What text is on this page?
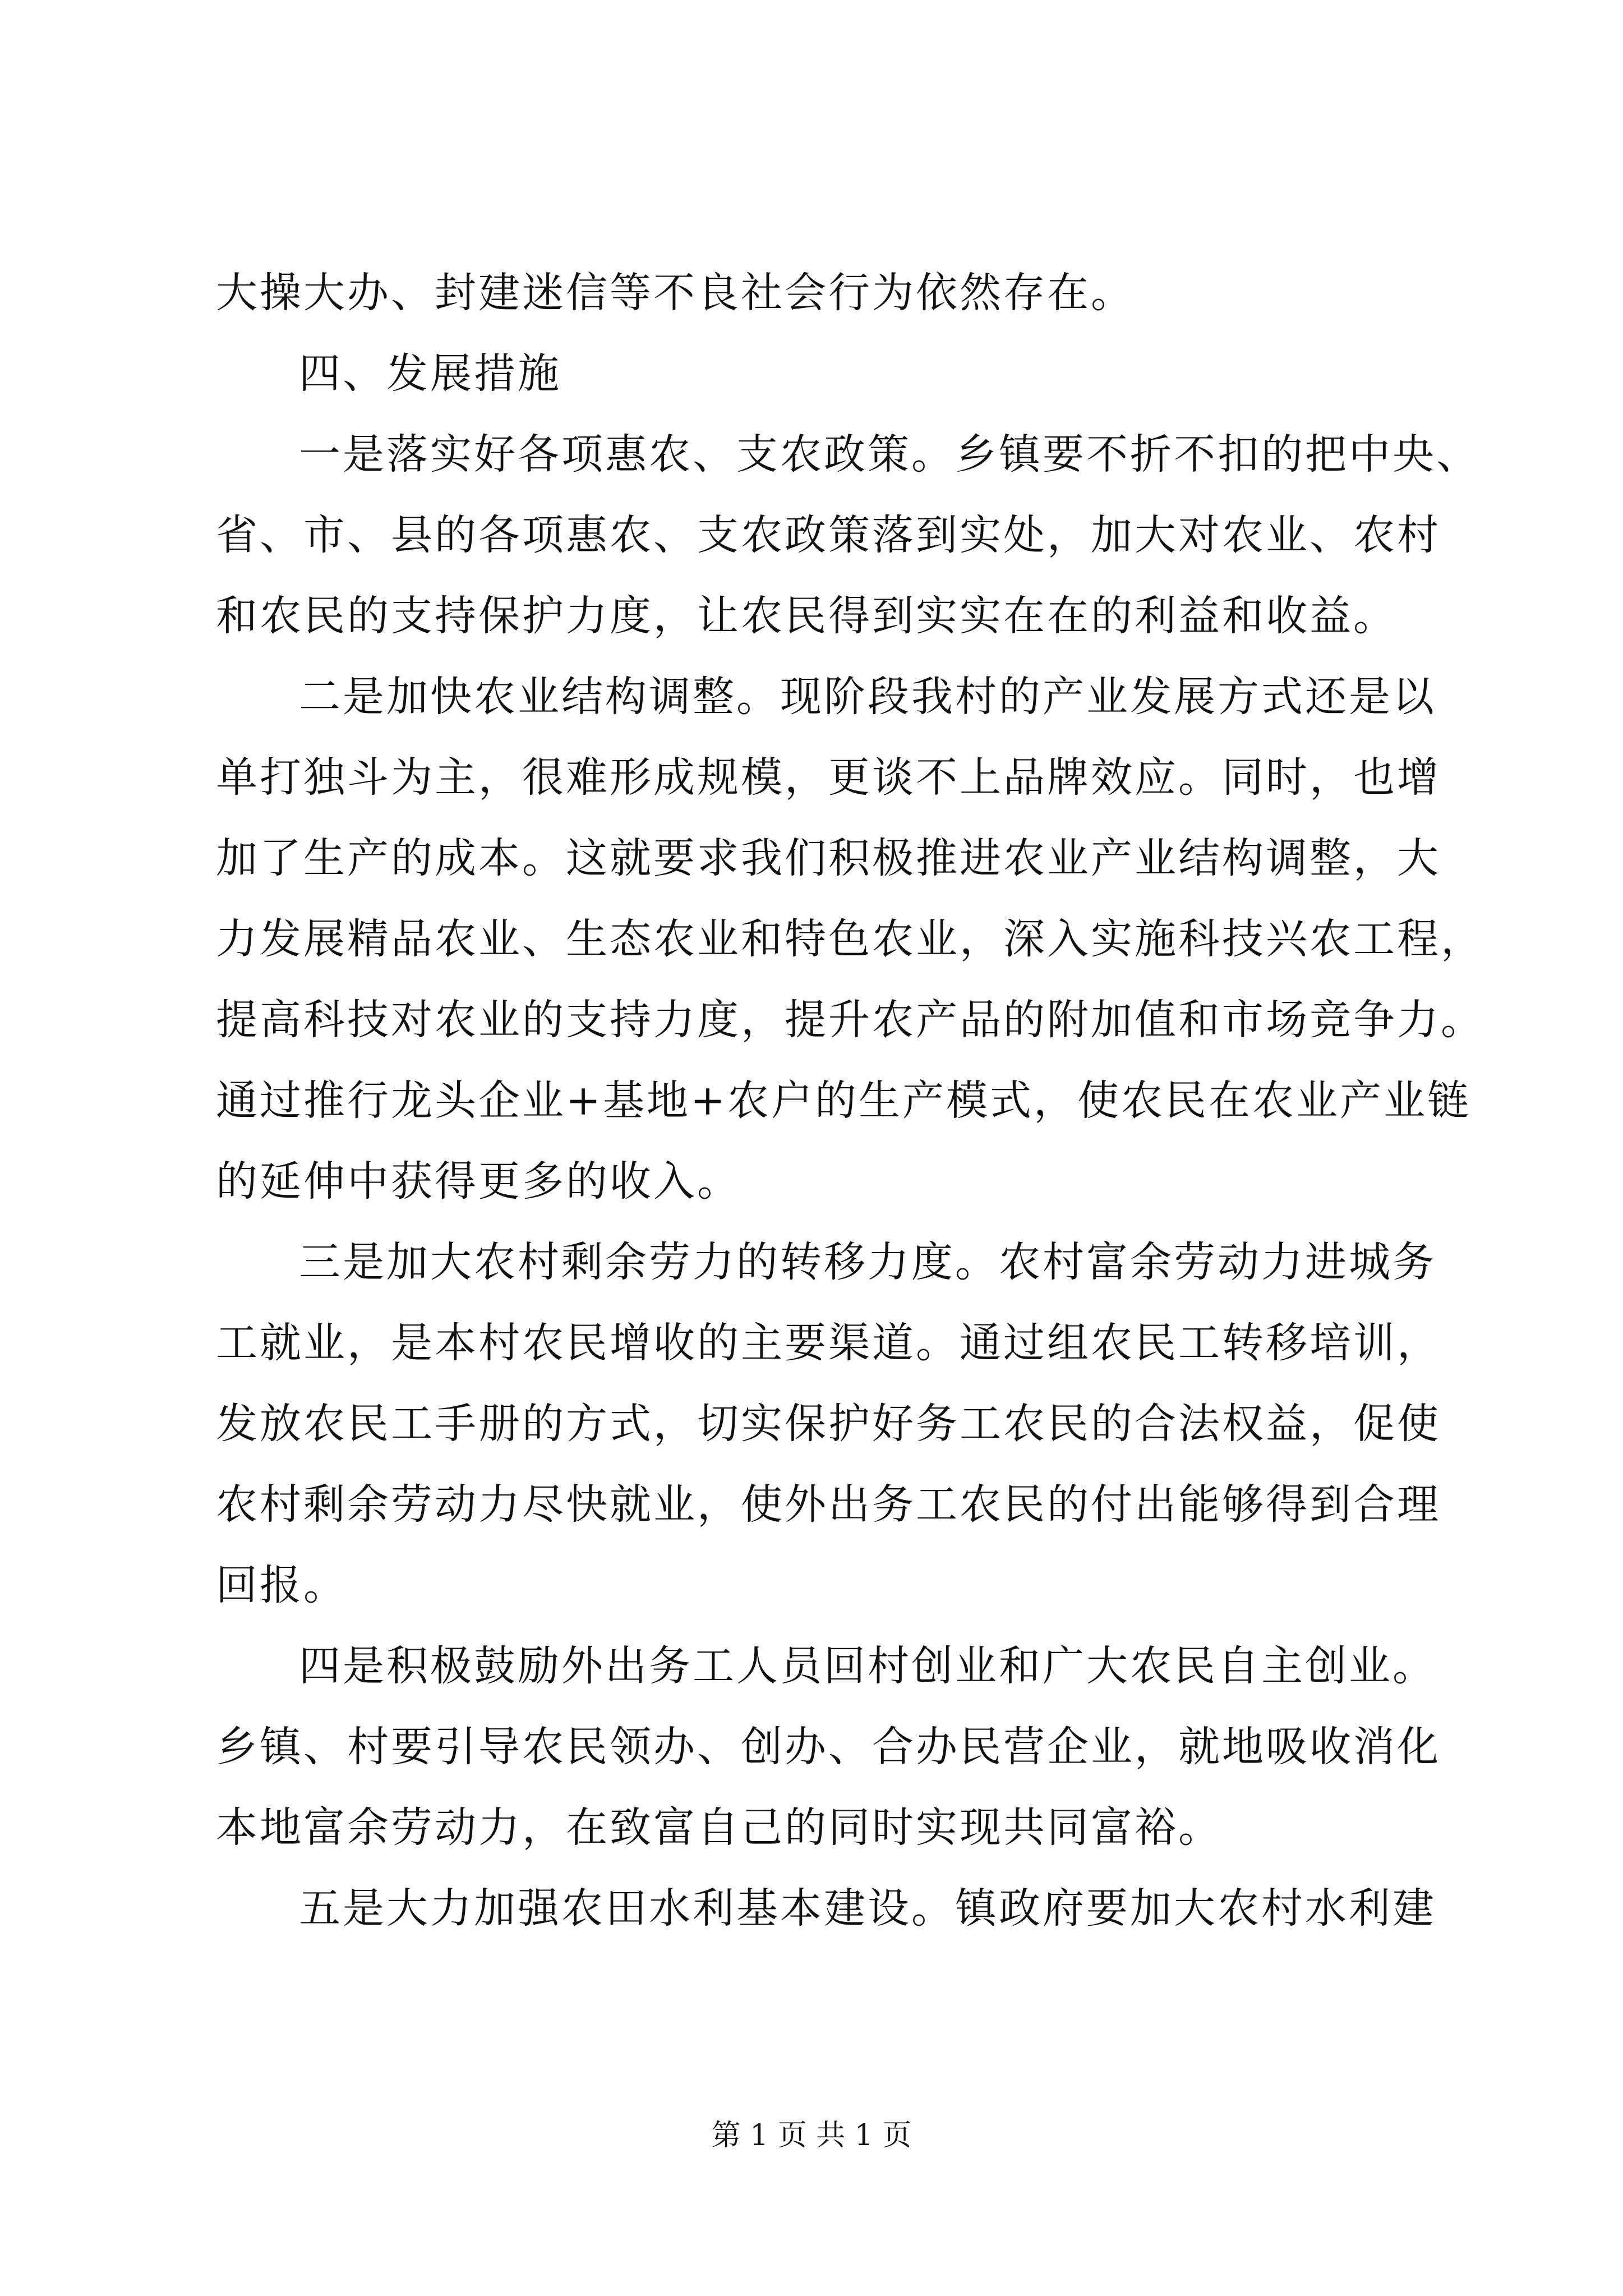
大操大办、封建迷信等不良社会行为依然存在。
四、发展措施
一是落实好各项惠农、支农政策。乡镇要不折不扣的把中央、
省、市、县的各项惠农、支农政策落到实处，加大对农业、农村
和农民的支持保护力度，让农民得到实实在在的利益和收益。
二是加快农业结构调整。现阶段我村的产业发展方式还是以
单打独斗为主，很难形成规模，更谈不上品牌效应。同时，也增
加了生产的成本。这就要求我们积极推进农业产业结构调整，大
力发展精品农业、生态农业和特色农业，深入实施科技兴农工程，
提高科技对农业的支持力度，提升农产品的附加值和市场竞争力。
通过推行龙头企业+基地+农户的生产模式，使农民在农业产业链
的延伸中获得更多的收入。
三是加大农村剩余劳力的转移力度。农村富余劳动力进城务
工就业，是本村农民增收的主要渠道。通过组农民工转移培训，
发放农民工手册的方式，切实保护好务工农民的合法权益，促使
农村剩余劳动力尽快就业，使外出务工农民的付出能够得到合理
回报。
四是积极鼓励外出务工人员回村创业和广大农民自主创业。
乡镇、村要引导农民领办、创办、合办民营企业，就地吸收消化
本地富余劳动力，在致富自己的同时实现共同富裕。
五是大力加强农田水利基本建设。镇政府要加大农村水利建
第 1 页 共 1 页
